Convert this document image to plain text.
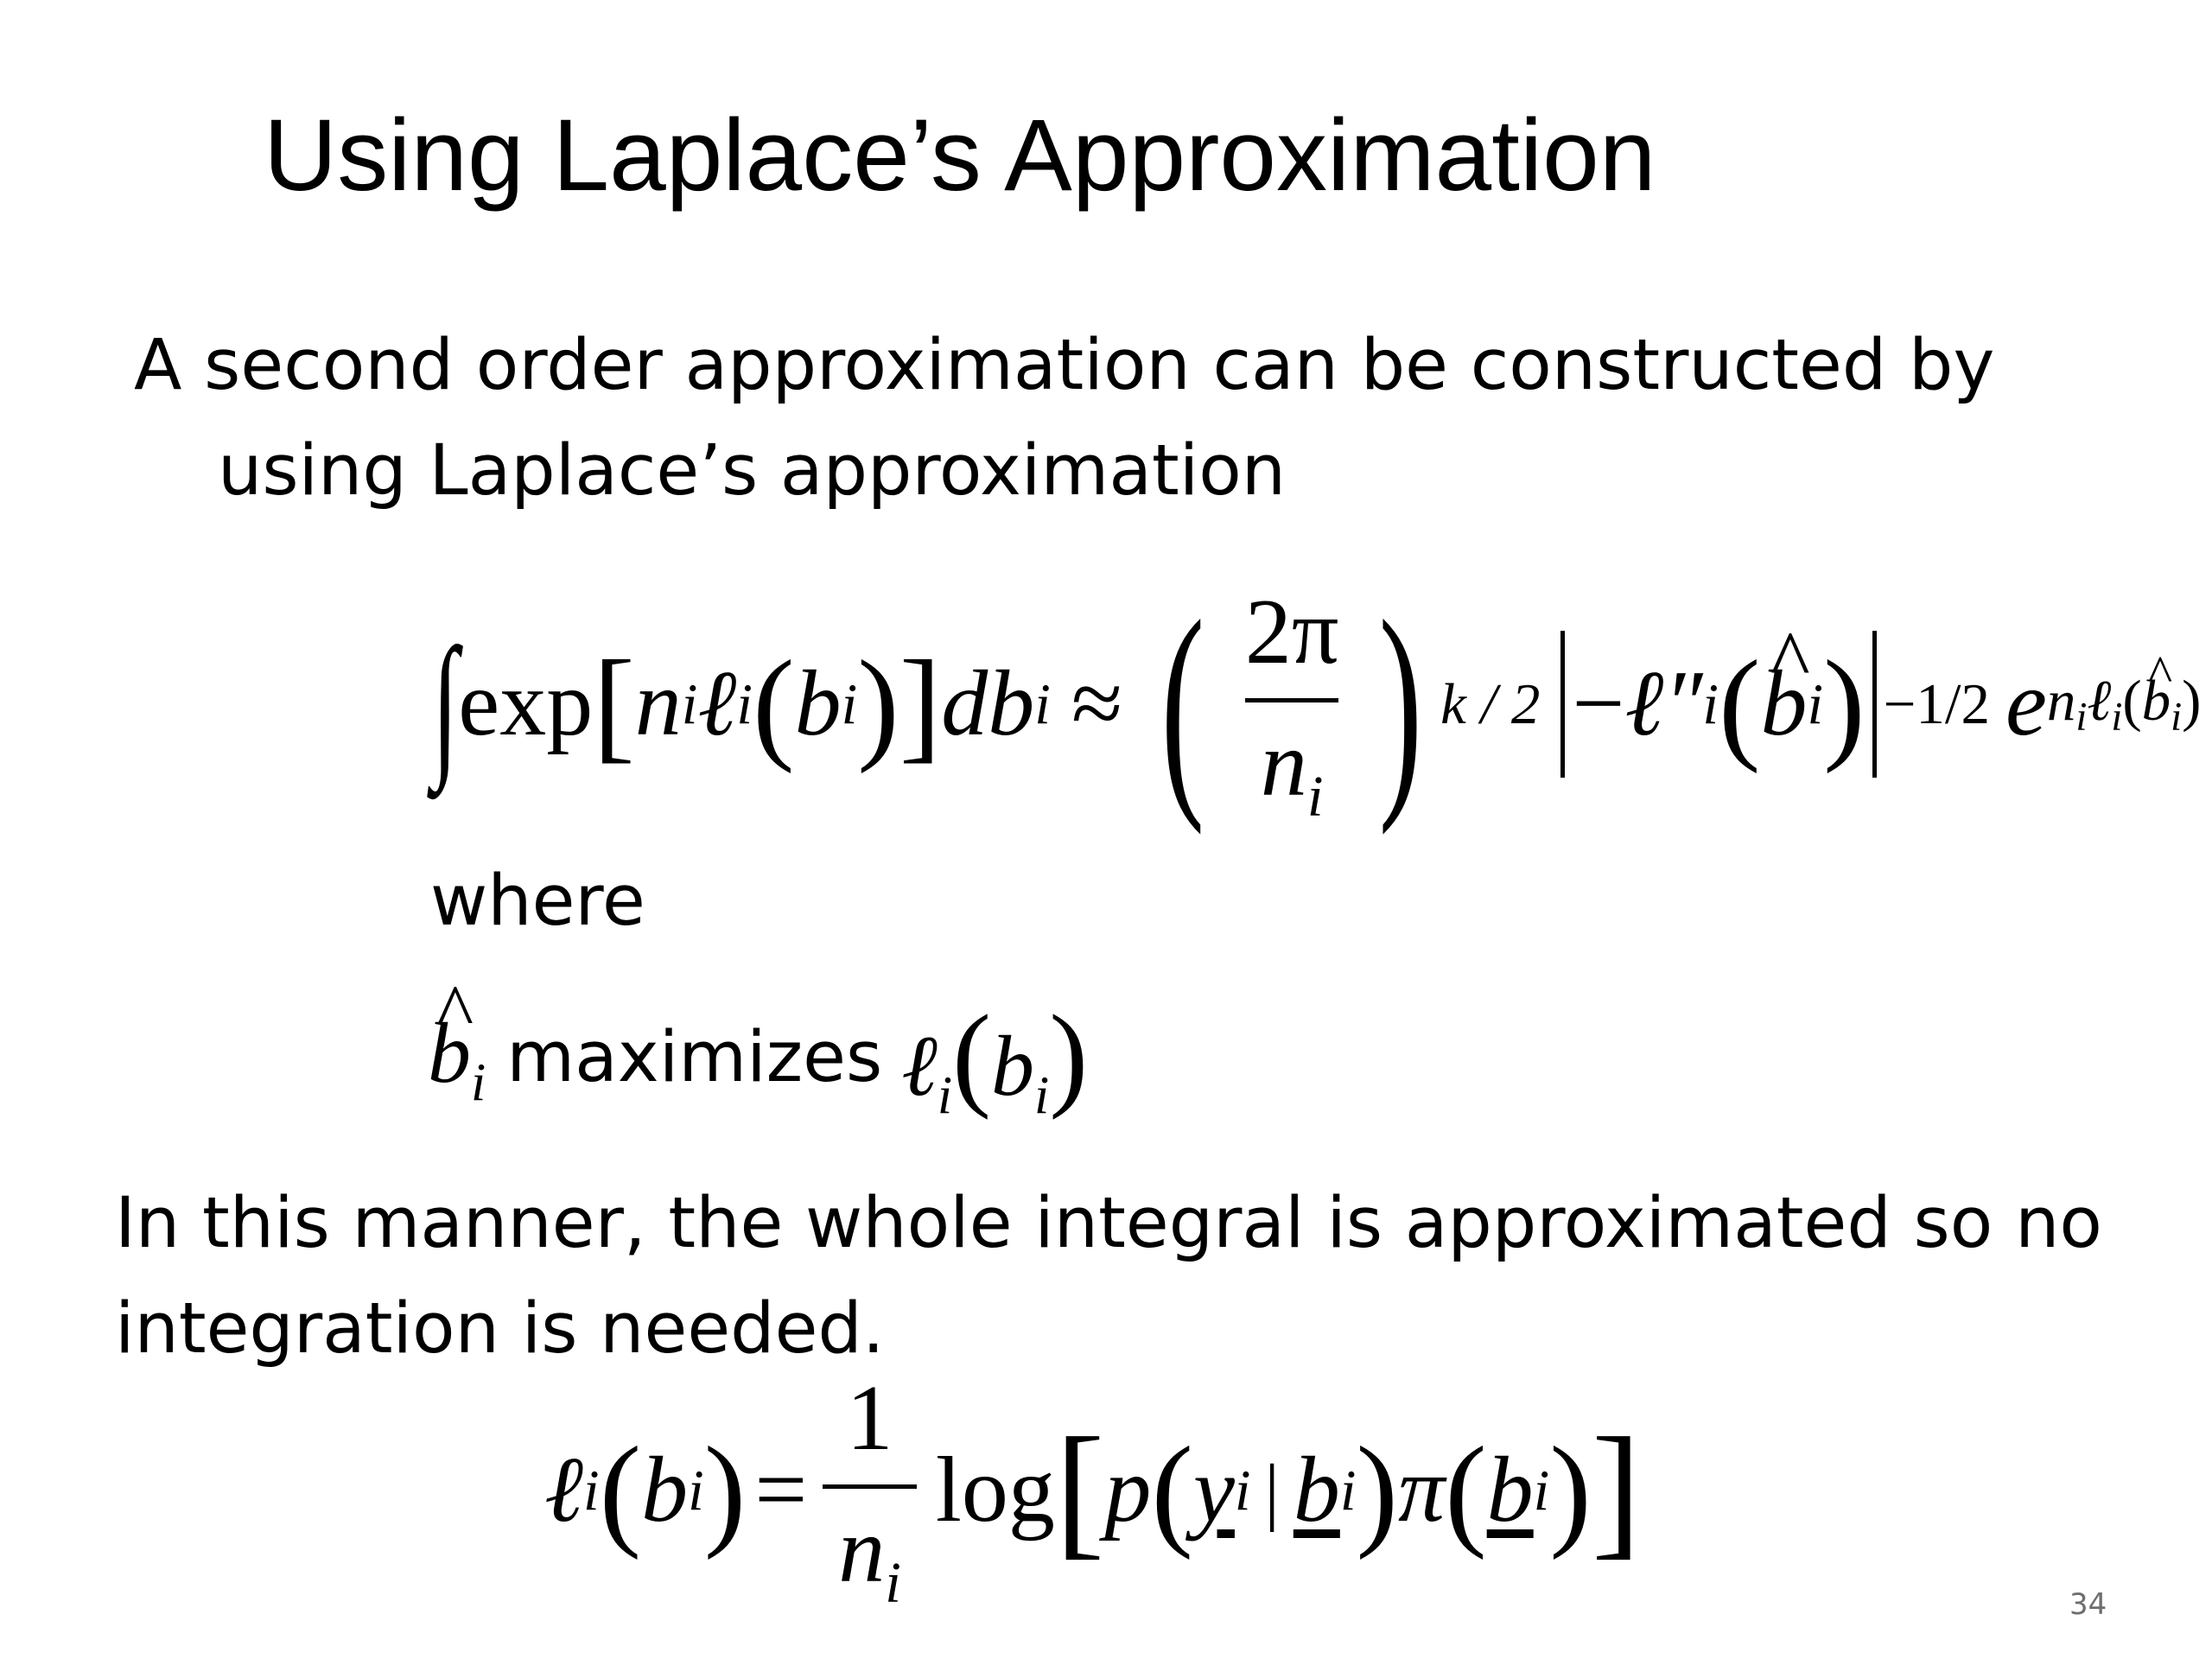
Using Laplace’s Approximation
A second order approximation can be constructed by
using Laplace’s approximation
∫ exp [ n i ℓ i ( b i )] d b i ≈ ( $\frac{2\pi}{n_i}$ ) k / 2 − ℓ″ i (
^ b i ) −1/2 e niℓi(^ bi)
where
^ $b_i$ maximizes $\ell_i(b_i)$
In this manner, the whole integral is approximated so no
integration is needed.
ℓ i ( b i ) = $\frac{1}{n_i}$ log [ p ( y i | b i ) π ( b i ) ]
34
